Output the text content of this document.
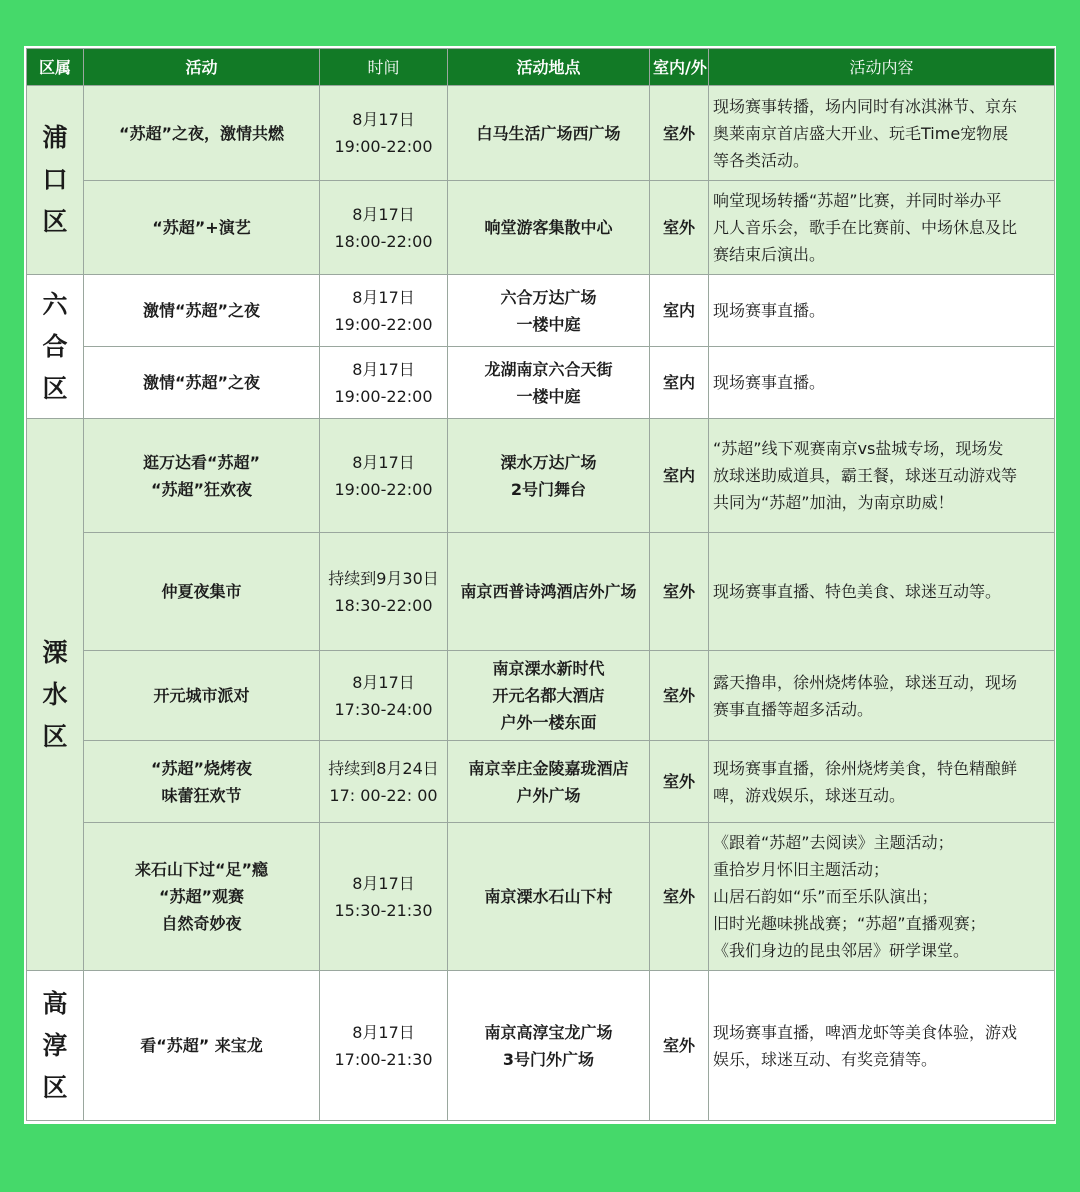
区属	活动	时间	活动地点	室内/外	活动内容

浦
口
区	“苏超”之夜，激情共燃	8月17日
19:00-22:00	白马生活广场西广场	室外	现场赛事转播，场内同时有冰淇淋节、京东
奥莱南京首店盛大开业、玩毛Time宠物展
等各类活动。

	“苏超”+演艺	8月17日
18:00-22:00	响堂游客集散中心	室外	响堂现场转播“苏超”比赛，并同时举办平
凡人音乐会，歌手在比赛前、中场休息及比
赛结束后演出。

六
合
区	激情“苏超”之夜	8月17日
19:00-22:00	六合万达广场
一楼中庭	室内	现场赛事直播。

	激情“苏超”之夜	8月17日
19:00-22:00	龙湖南京六合天街
一楼中庭	室内	现场赛事直播。

溧
水
区	逛万达看“苏超”
“苏超”狂欢夜	8月17日
19:00-22:00	溧水万达广场
2号门舞台	室内	“苏超”线下观赛南京vs盐城专场，现场发
放球迷助威道具，霸王餐，球迷互动游戏等
共同为“苏超”加油，为南京助威！

	仲夏夜集市	持续到9月30日
18:30-22:00	南京西普诗鸿酒店外广场	室外	现场赛事直播、特色美食、球迷互动等。

	开元城市派对	8月17日
17:30-24:00	南京溧水新时代
开元名都大酒店
户外一楼东面	室外	露天撸串，徐州烧烤体验，球迷互动，现场
赛事直播等超多活动。

	“苏超”烧烤夜
味蕾狂欢节	持续到8月24日
17: 00-22: 00	南京幸庄金陵嘉珑酒店
户外广场	室外	现场赛事直播，徐州烧烤美食，特色精酿鲜
啤，游戏娱乐，球迷互动。

	来石山下过“足”瘾
“苏超”观赛
自然奇妙夜	8月17日
15:30-21:30	南京溧水石山下村	室外	《跟着“苏超”去阅读》主题活动；
重拾岁月怀旧主题活动；
山居石韵如“乐”而至乐队演出；
旧时光趣味挑战赛；“苏超”直播观赛；
《我们身边的昆虫邻居》研学课堂。

高
淳
区	看“苏超” 来宝龙	8月17日
17:00-21:30	南京高淳宝龙广场
3号门外广场	室外	现场赛事直播，啤酒龙虾等美食体验，游戏
娱乐，球迷互动、有奖竞猜等。
